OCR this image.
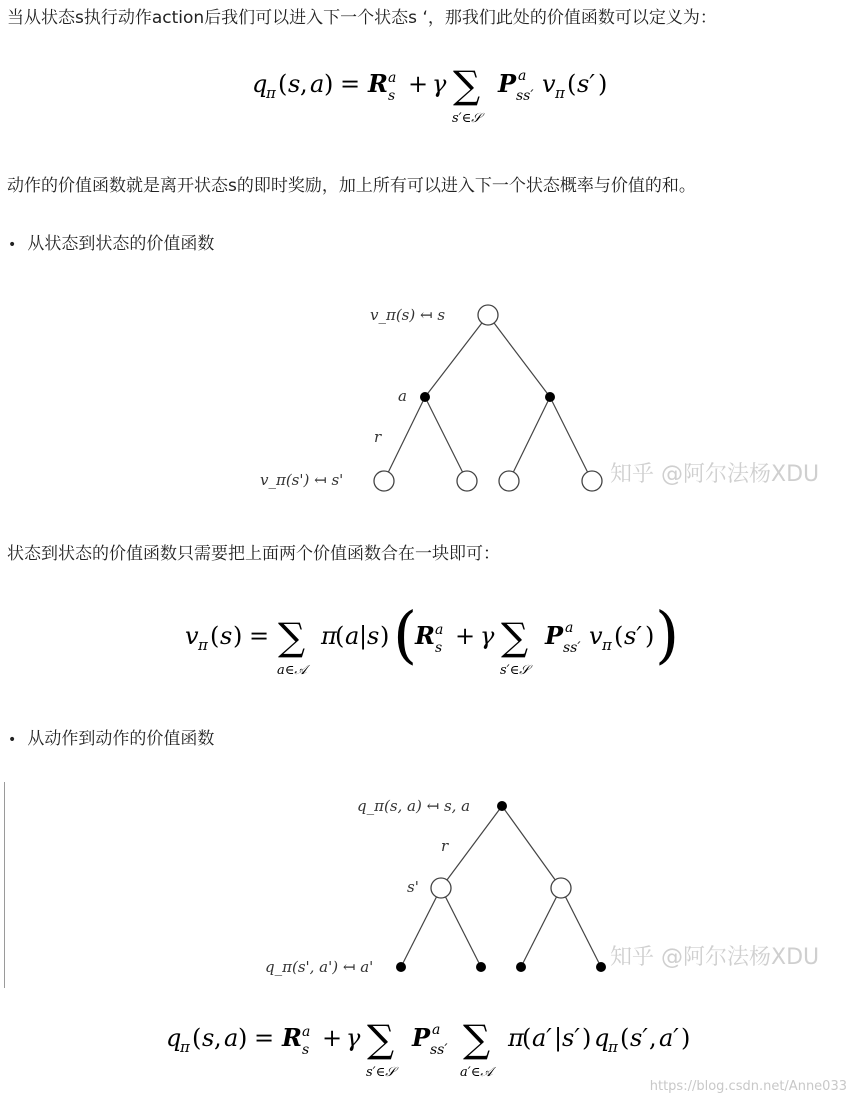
当从状态s执行动作action后我们可以进入下一个状态s ‘，那我们此处的价值函数可以定义为：
q
π ( s , a ) = R a
s + γ ∑
s′∈𝒮
P a
ss′ v π ( s′ )
动作的价值函数就是离开状态s的即时奖励，加上所有可以进入下一个状态概率与价值的和。
• 从状态到状态的价值函数
v_π(s) ↤ s
a
r
v_π(s') ↤ s'	知乎 @阿尔法杨XDU
状态到状态的价值函数只需要把上面两个价值函数合在一块即可：
v π ( s ) = ∑
a∈𝒜
π
( a | s ) (
R a
s + γ ∑
s′∈𝒮
P a
ss′ v π ( s′ ) )
• 从动作到动作的价值函数
q_π(s, a) ↤ s, a
r
s'
q_π(s', a') ↤ a'	知乎 @阿尔法杨XDU
q
π ( s , a ) = R a
s + γ ∑
s′∈𝒮
P a
ss′ ∑
a′∈𝒜
π
( a′ | s′ ) q
π ( s′ , a′ )
https://blog.csdn.net/Anne033
